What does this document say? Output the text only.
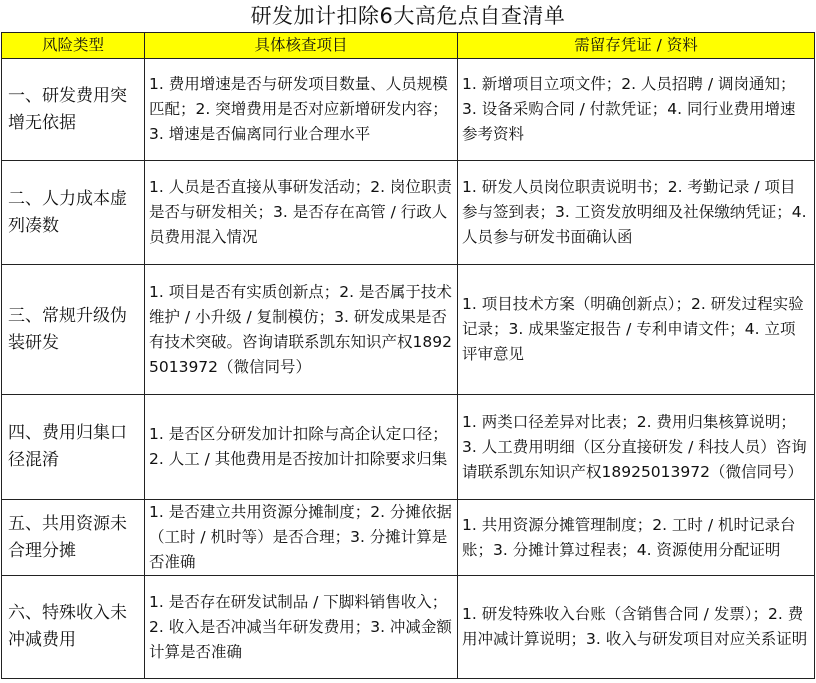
研发加计扣除6大高危点自查清单
风险类型	具体核查项目	需留存凭证 / 资料
一、研发费用突增无依据	1. 费用增速是否与研发项目数量、人员规模匹配；2. 突增费用是否对应新增研发内容；3. 增速是否偏离同行业合理水平	1. 新增项目立项文件；2. 人员招聘 / 调岗通知；3. 设备采购合同 / 付款凭证；4. 同行业费用增速参考资料
二、人力成本虚列凑数	1. 人员是否直接从事研发活动；2. 岗位职责是否与研发相关；3. 是否存在高管 / 行政人员费用混入情况	1. 研发人员岗位职责说明书；2. 考勤记录 / 项目参与签到表；3. 工资发放明细及社保缴纳凭证；4. 人员参与研发书面确认函
三、常规升级伪装研发	1. 项目是否有实质创新点；2. 是否属于技术维护 / 小升级 / 复制模仿；3. 研发成果是否有技术突破。咨询请联系凯东知识产权18925013972（微信同号）	1. 项目技术方案（明确创新点）；2. 研发过程实验记录；3. 成果鉴定报告 / 专利申请文件；4. 立项评审意见
四、费用归集口径混淆	1. 是否区分研发加计扣除与高企认定口径；2. 人工 / 其他费用是否按加计扣除要求归集	1. 两类口径差异对比表；2. 费用归集核算说明；3. 人工费用明细（区分直接研发 / 科技人员）咨询请联系凯东知识产权18925013972（微信同号）
五、共用资源未合理分摊	1. 是否建立共用资源分摊制度；2. 分摊依据（工时 / 机时等）是否合理；3. 分摊计算是否准确	1. 共用资源分摊管理制度；2. 工时 / 机时记录台账；3. 分摊计算过程表；4. 资源使用分配证明
六、特殊收入未冲减费用	1. 是否存在研发试制品 / 下脚料销售收入；2. 收入是否冲减当年研发费用；3. 冲减金额计算是否准确	1. 研发特殊收入台账（含销售合同 / 发票）；2. 费用冲减计算说明；3. 收入与研发项目对应关系证明
